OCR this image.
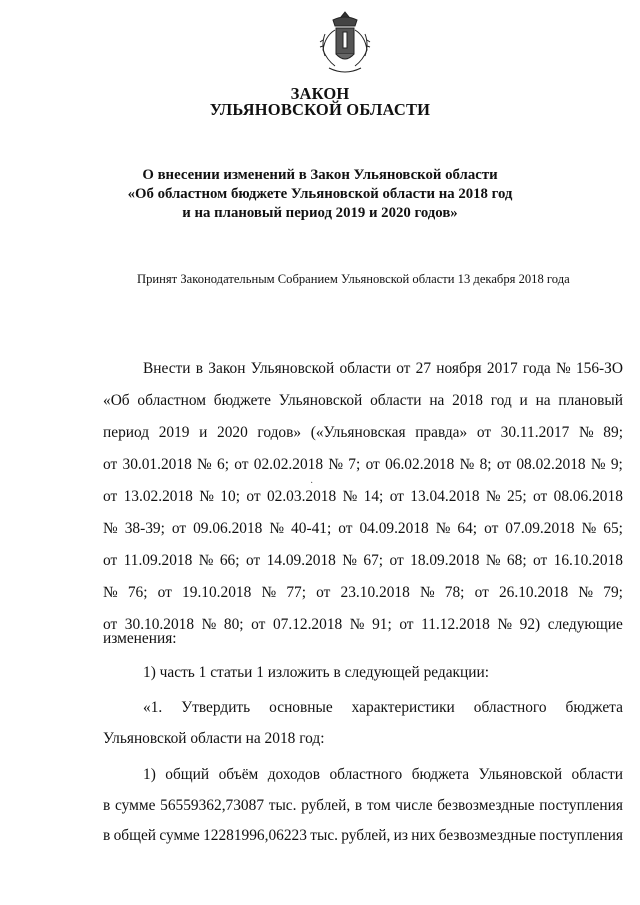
ЗАКОН
УЛЬЯНОВСКОЙ ОБЛАСТИ
О внесении изменений в Закон Ульяновской области
«Об областном бюджете Ульяновской области на 2018 год
и на плановый период 2019 и 2020 годов»
Принят Законодательным Собранием Ульяновской области 13 декабря 2018 года
Внести в Закон Ульяновской области от 27 ноября 2017 года № 156-ЗО
«Об областном бюджете Ульяновской области на 2018 год и на плановый
период 2019 и 2020 годов» («Ульяновская правда» от 30.11.2017 № 89;
от 30.01.2018 № 6; от 02.02.2018 № 7; от 06.02.2018 № 8; от 08.02.2018 № 9;
от 13.02.2018 № 10; от 02.03.2018 № 14; от 13.04.2018 № 25; от 08.06.2018
№ 38-39; от 09.06.2018 № 40-41; от 04.09.2018 № 64; от 07.09.2018 № 65;
от 11.09.2018 № 66; от 14.09.2018 № 67; от 18.09.2018 № 68; от 16.10.2018
№ 76; от 19.10.2018 № 77; от 23.10.2018 № 78; от 26.10.2018 № 79;
от 30.10.2018 № 80; от 07.12.2018 № 91; от 11.12.2018 № 92) следующие
изменения:
1) часть 1 статьи 1 изложить в следующей редакции:
«1. Утвердить основные характеристики областного бюджета
Ульяновской области на 2018 год:
1) общий объём доходов областного бюджета Ульяновской области
в сумме 56559362,73087 тыс. рублей, в том числе безвозмездные поступления
в общей сумме 12281996,06223 тыс. рублей, из них безвозмездные поступления
·
